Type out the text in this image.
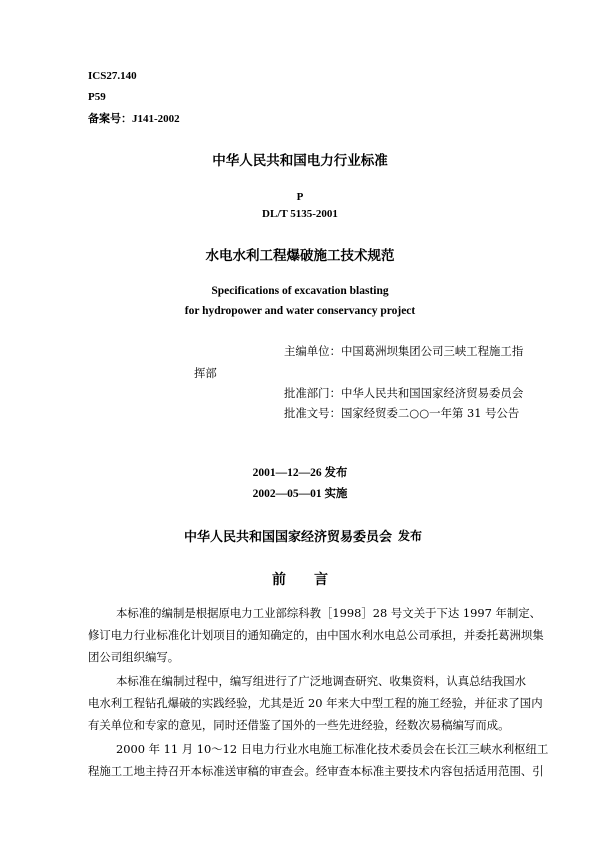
ICS27.140
P59
备案号：J141-2002
中华人民共和国电力行业标准
P
DL/T 5135-2001
水电水利工程爆破施工技术规范
Specifications of excavation blasting
for hydropower and water conservancy project
主编单位：中国葛洲坝集团公司三峡工程施工指
挥部
批准部门：中华人民共和国国家经济贸易委员会
批准文号：国家经贸委二○○一年第 31 号公告
2001—12—26 发布
2002—05—01 实施
中华人民共和国国家经济贸易委员会 发布
前　　言
本标准的编制是根据原电力工业部综科教［1998］28 号文关于下达 1997 年制定、
修订电力行业标准化计划项目的通知确定的，由中国水利水电总公司承担，并委托葛洲坝集
团公司组织编写。
本标准在编制过程中，编写组进行了广泛地调查研究、收集资料，认真总结我国水
电水利工程钻孔爆破的实践经验，尤其是近 20 年来大中型工程的施工经验，并征求了国内
有关单位和专家的意见，同时还借鉴了国外的一些先进经验，经数次易稿编写而成。
2000 年 11 月 10～12 日电力行业水电施工标准化技术委员会在长江三峡水利枢纽工
程施工工地主持召开本标准送审稿的审查会。经审查本标准主要技术内容包括适用范围、引
